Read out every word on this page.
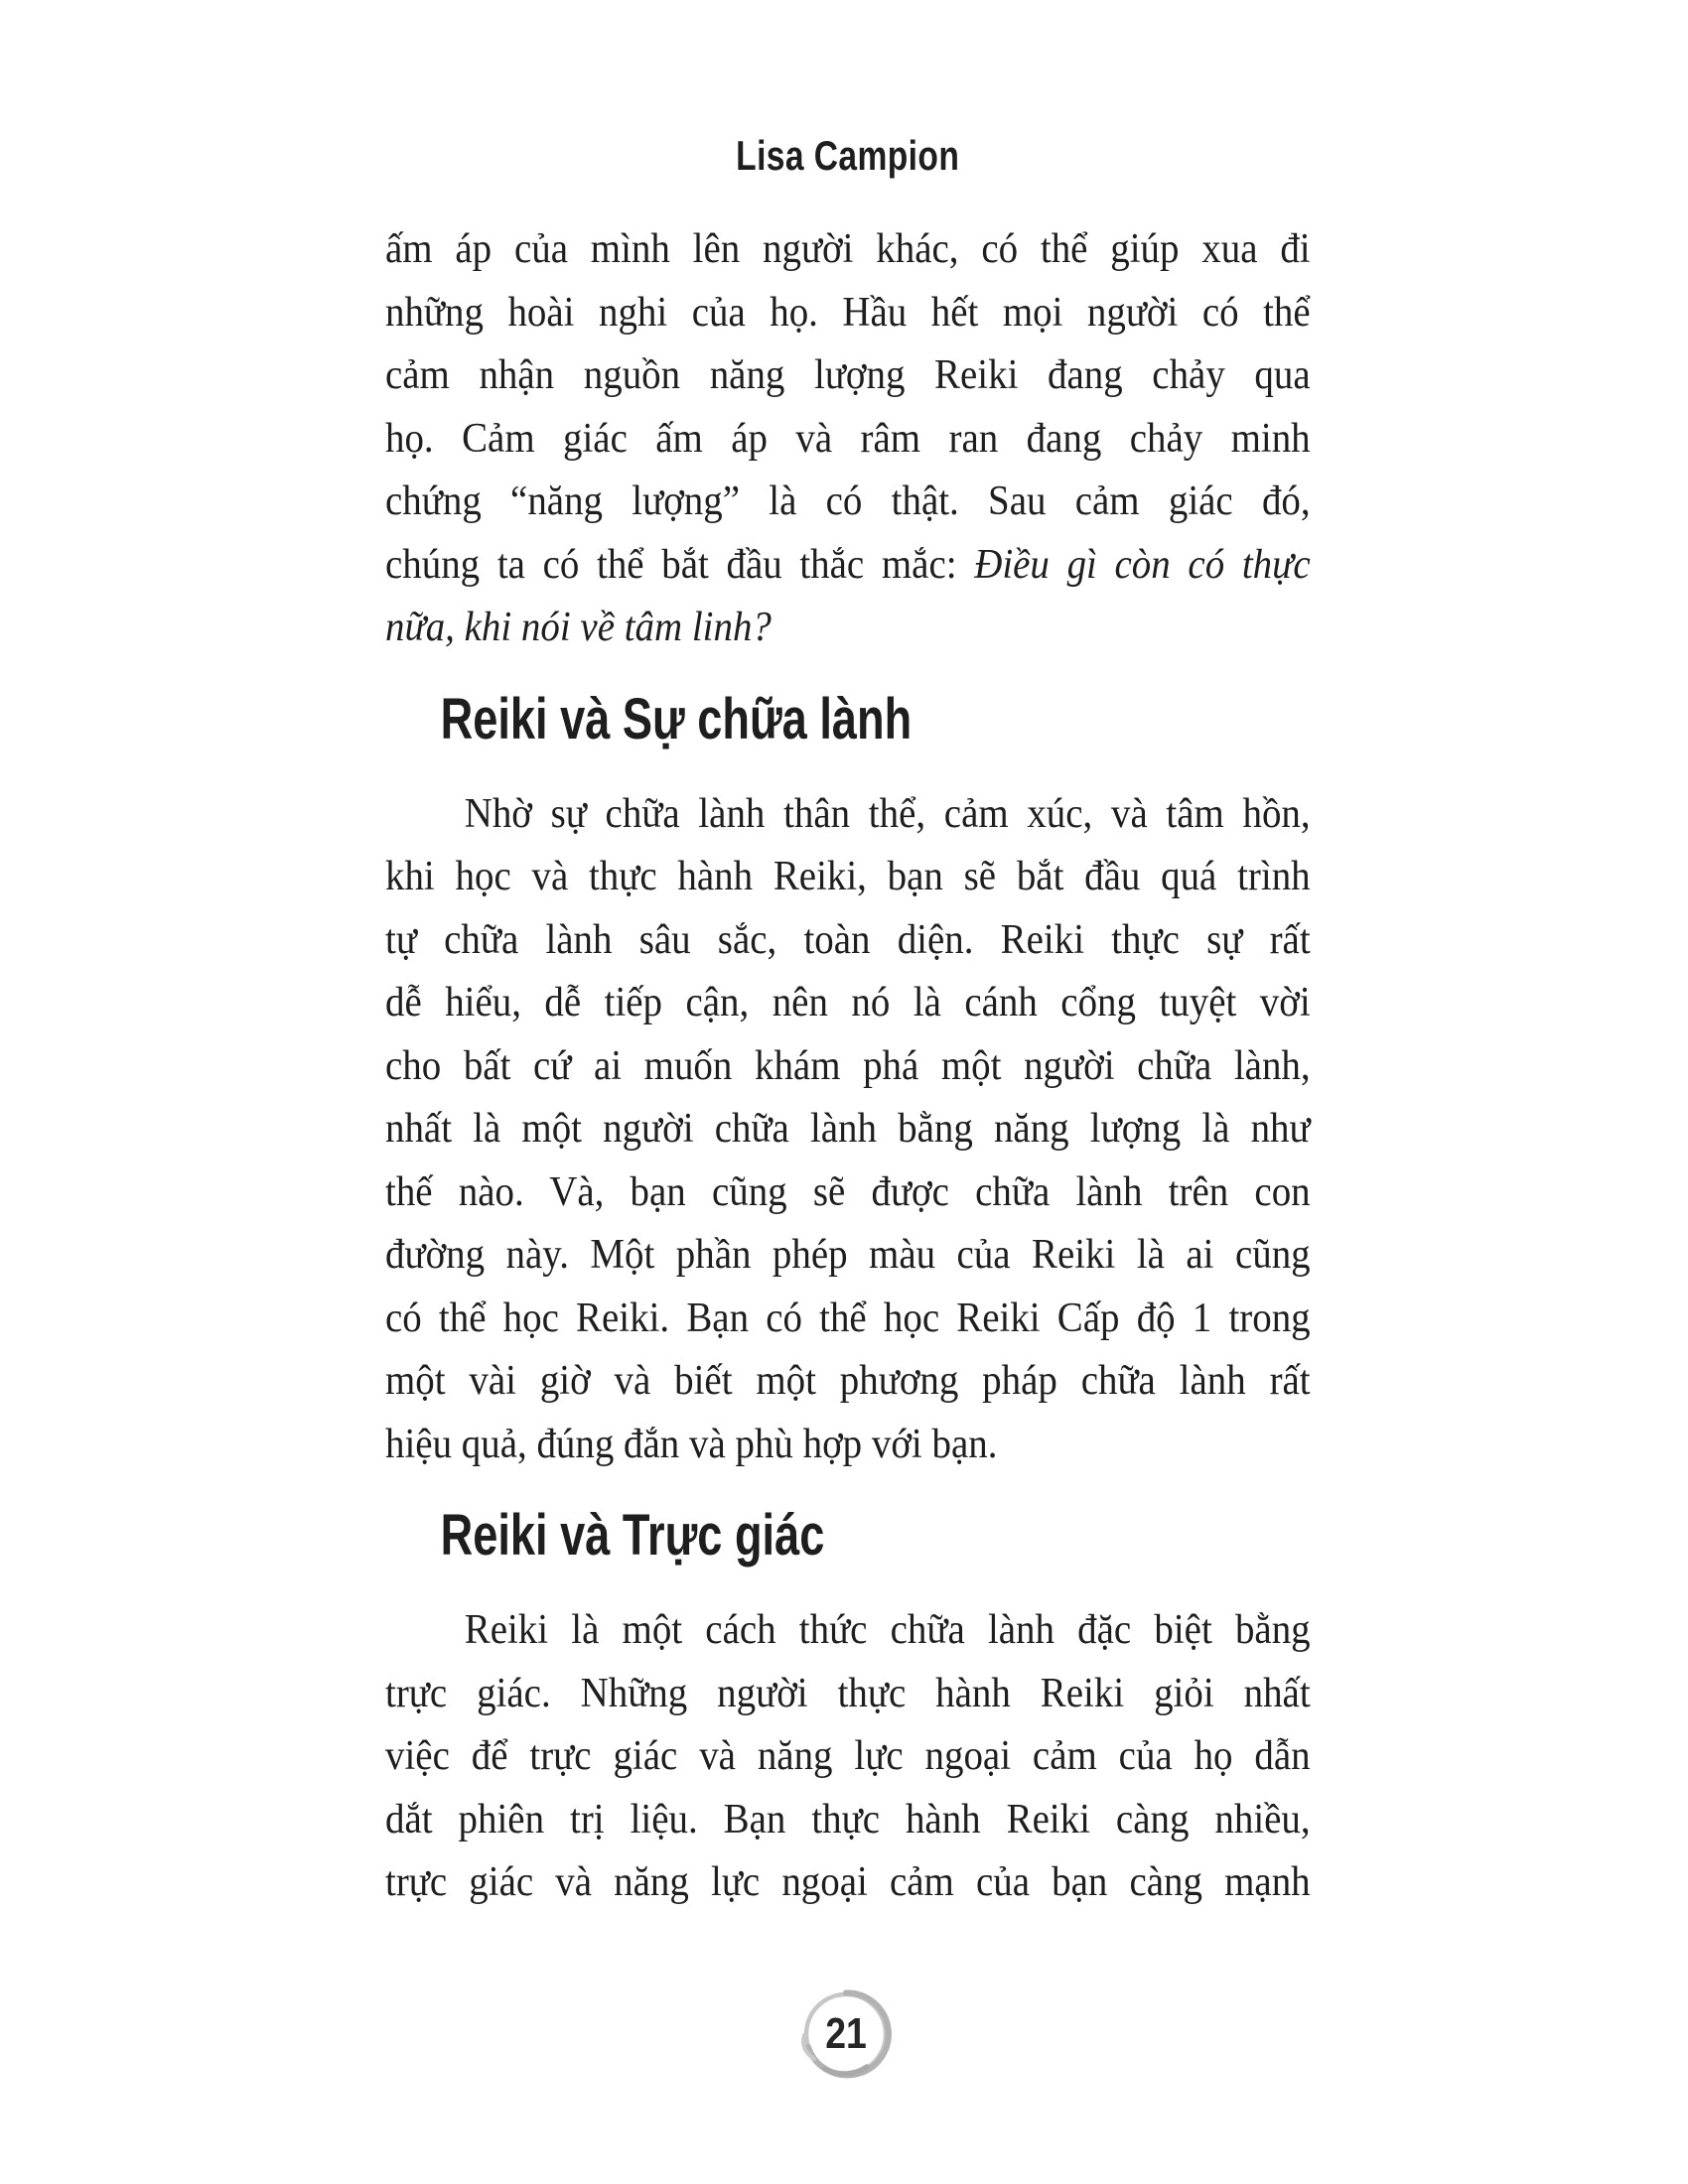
Lisa Campion
ấm áp của mình lên người khác, có thể giúp xua đi
những hoài nghi của họ. Hầu hết mọi người có thể
cảm nhận nguồn năng lượng Reiki đang chảy qua
họ. Cảm giác ấm áp và râm ran đang chảy minh
chứng “năng lượng” là có thật. Sau cảm giác đó,
chúng ta có thể bắt đầu thắc mắc: Điều gì còn có thực
nữa, khi nói về tâm linh?
Reiki và Sự chữa lành
Nhờ sự chữa lành thân thể, cảm xúc, và tâm hồn,
khi học và thực hành Reiki, bạn sẽ bắt đầu quá trình
tự chữa lành sâu sắc, toàn diện. Reiki thực sự rất
dễ hiểu, dễ tiếp cận, nên nó là cánh cổng tuyệt vời
cho bất cứ ai muốn khám phá một người chữa lành,
nhất là một người chữa lành bằng năng lượng là như
thế nào. Và, bạn cũng sẽ được chữa lành trên con
đường này. Một phần phép màu của Reiki là ai cũng
có thể học Reiki. Bạn có thể học Reiki Cấp độ 1 trong
một vài giờ và biết một phương pháp chữa lành rất
hiệu quả, đúng đắn và phù hợp với bạn.
Reiki và Trực giác
Reiki là một cách thức chữa lành đặc biệt bằng
trực giác. Những người thực hành Reiki giỏi nhất
việc để trực giác và năng lực ngoại cảm của họ dẫn
dắt phiên trị liệu. Bạn thực hành Reiki càng nhiều,
trực giác và năng lực ngoại cảm của bạn càng mạnh
21
